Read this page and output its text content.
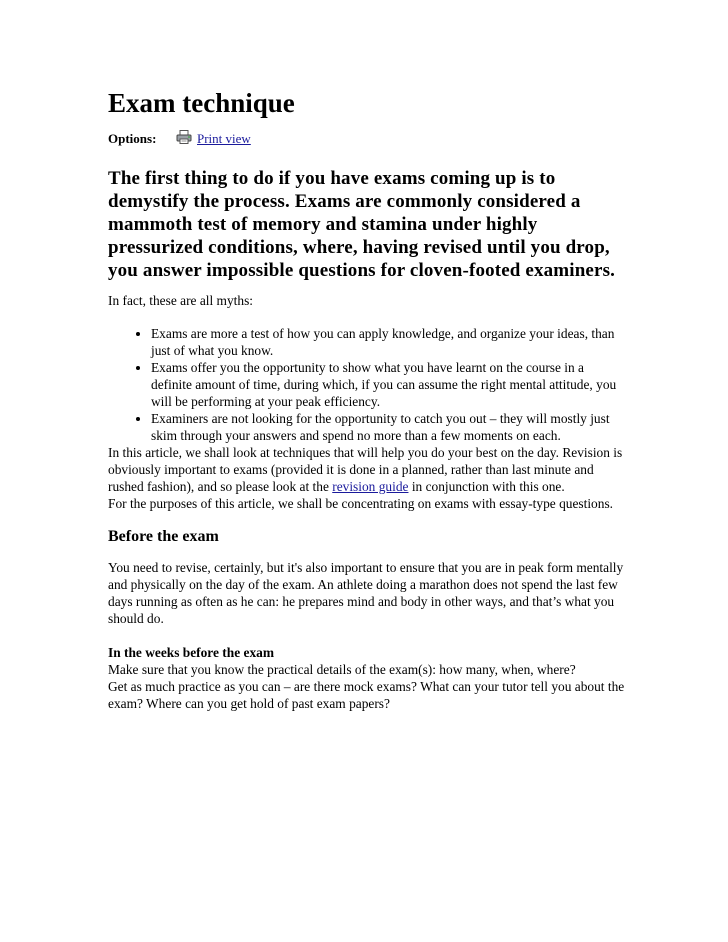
Exam technique
Options:	Print view
The first thing to do if you have exams coming up is to demystify the process. Exams are commonly considered a mammoth test of memory and stamina under highly pressurized conditions, where, having revised until you drop, you answer impossible questions for cloven-footed examiners.

In fact, these are all myths:

• Exams are more a test of how you can apply knowledge, and organize your ideas, than just of what you know.
• Exams offer you the opportunity to show what you have learnt on the course in a definite amount of time, during which, if you can assume the right mental attitude, you will be performing at your peak efficiency.
• Examiners are not looking for the opportunity to catch you out – they will mostly just skim through your answers and spend no more than a few moments on each.

In this article, we shall look at techniques that will help you do your best on the day. Revision is obviously important to exams (provided it is done in a planned, rather than last minute and rushed fashion), and so please look at the revision guide in conjunction with this one.

For the purposes of this article, we shall be concentrating on exams with essay-type questions.

Before the exam

You need to revise, certainly, but it's also important to ensure that you are in peak form mentally and physically on the day of the exam. An athlete doing a marathon does not spend the last few days running as often as he can: he prepares mind and body in other ways, and that’s what you should do.

In the weeks before the exam

Make sure that you know the practical details of the exam(s): how many, when, where?

Get as much practice as you can – are there mock exams? What can your tutor tell you about the exam? Where can you get hold of past exam papers?
